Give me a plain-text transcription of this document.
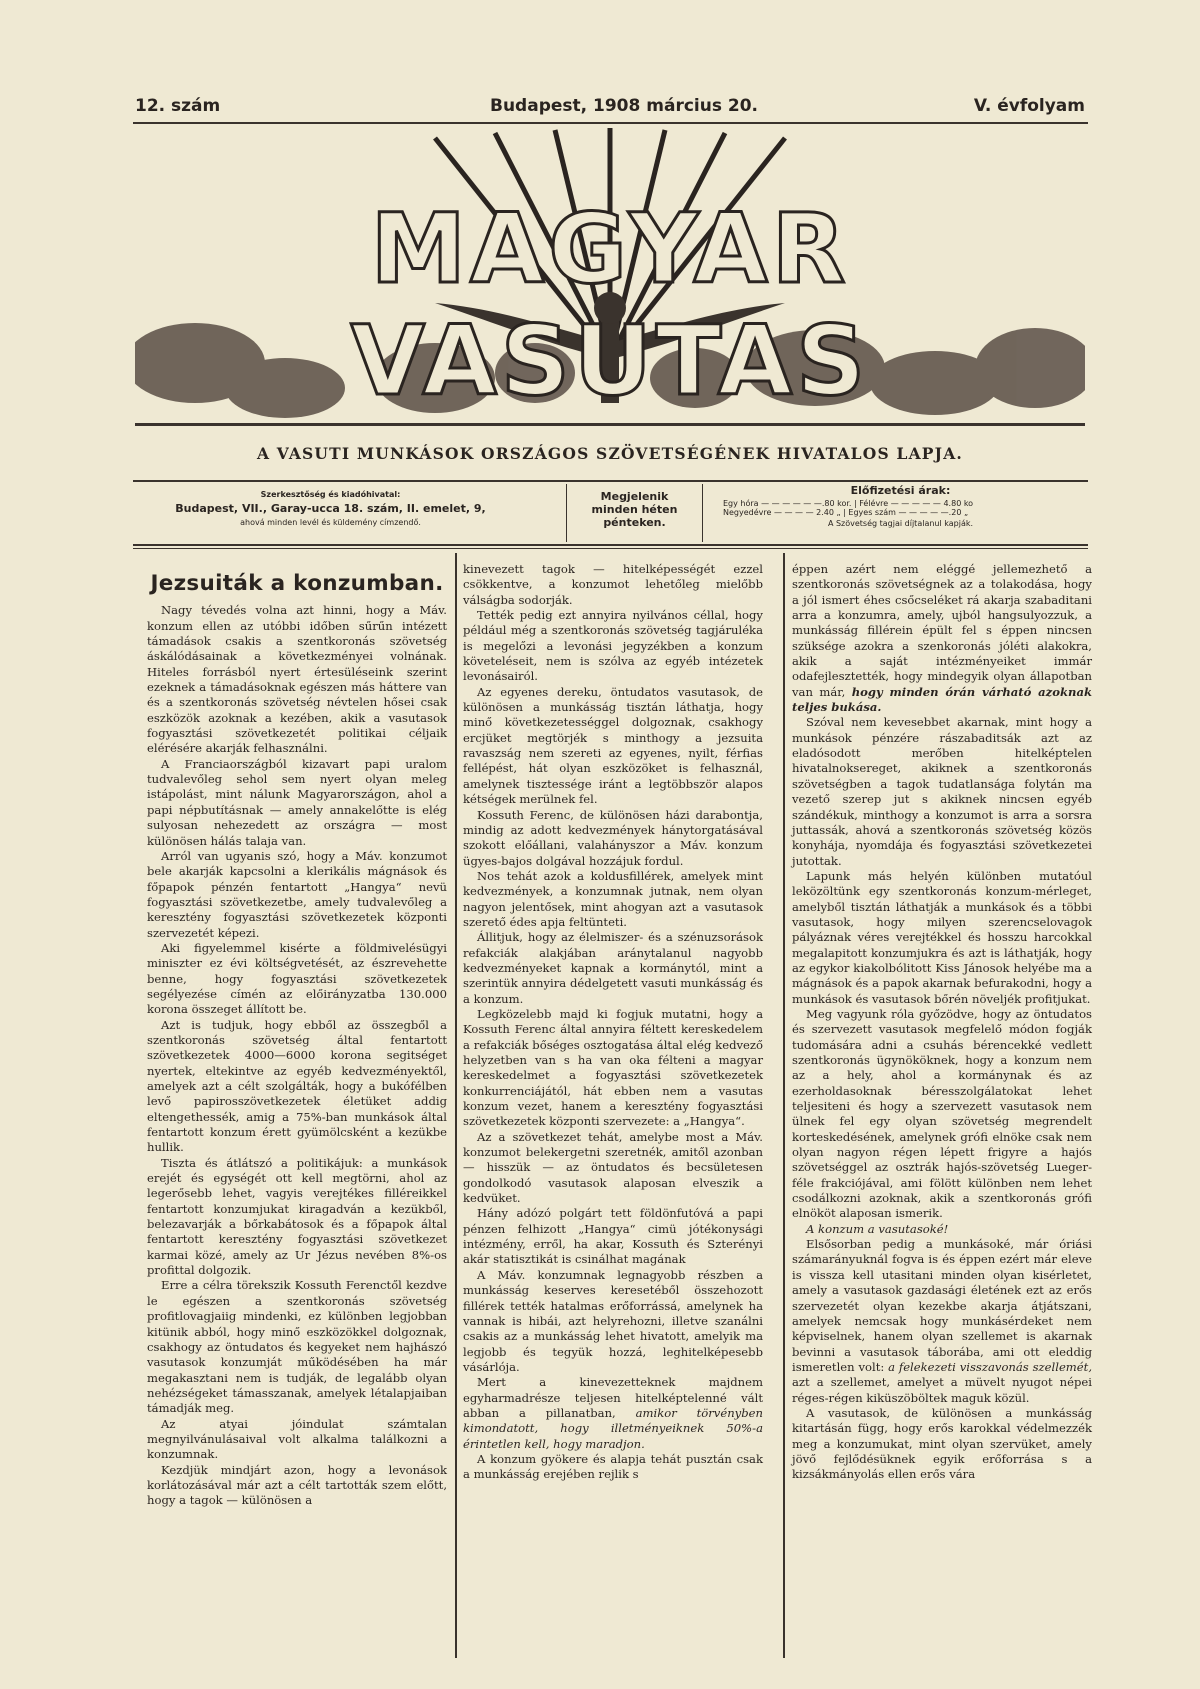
12. szám	Budapest, 1908 március 20.	V. évfolyam
MAGYAR VASUTAS
A VASUTI MUNKÁSOK ORSZÁGOS SZÖVETSÉGÉNEK HIVATALOS LAPJA.
Szerkesztőség és kiadóhivatal:
Budapest, VII., Garay-ucca 18. szám, II. emelet, 9,
ahová minden levél és küldemény címzendő.
Megjelenik
minden héten
pénteken.
Előfizetési árak:
Egy hóra — — — — — —.80 kor. | Félévre — — — — — 4.80 ko
Negyedévre — — — — 2.40 „ | Egyes szám — — — — —.20 „
A Szövetség tagjai díjtalanul kapják.

Jezsuiták a konzumban.

Nagy tévedés volna azt hinni, hogy a Máv. konzum ellen az utóbbi időben sűrűn intézett támadások csakis a szentkoronás szövetség áskálódásainak a következményei volnának. Hiteles forrásból nyert értesüléseink szerint ezeknek a támadásoknak egészen más háttere van és a szentkoronás szövetség névtelen hősei csak eszközök azoknak a kezében, akik a vasutasok fogyasztási szövetkezetét politikai céljaik elérésére akarják felhasználni.

A Franciaországból kizavart papi uralom tudvalevőleg sehol sem nyert olyan meleg istápolást, mint nálunk Magyarországon, ahol a papi népbutításnak — amely annakelőtte is elég sulyosan nehezedett az országra — most különösen hálás talaja van.

Arról van ugyanis szó, hogy a Máv. konzumot bele akarják kapcsolni a klerikális mágnások és főpapok pénzén fentartott „Hangya“ nevü fogyasztási szövetkezetbe, amely tudvalevőleg a keresztény fogyasztási szövetkezetek központi szervezetét képezi.

Aki figyelemmel kisérte a földmivelésügyi miniszter ez évi költségvetését, az észrevehette benne, hogy fogyasztási szövetkezetek segélyezése címén az előirányzatba 130.000 korona összeget állított be.

Azt is tudjuk, hogy ebből az összegből a szentkoronás szövetség által fentartott szövetkezetek 4000—6000 korona segitséget nyertek, eltekintve az egyéb kedvezményektől, amelyek azt a célt szolgálták, hogy a bukófélben levő papirosszövetkezetek életüket addig eltengethessék, amig a 75%-ban munkások által fentartott konzum érett gyümölcsként a kezükbe hullik.

Tiszta és átlátszó a politikájuk: a munkások erejét és egységét ott kell megtörni, ahol az legerősebb lehet, vagyis verejtékes filléreikkel fentartott konzumjukat kiragadván a kezükből, belezavarják a bőrkabátosok és a főpapok által fentartott keresztény fogyasztási szövetkezet karmai közé, amely az Ur Jézus nevében 8%-os profittal dolgozik.

Erre a célra törekszik Kossuth Ferenctől kezdve le egészen a szentkoronás szövetség profitlovagjaiig mindenki, ez különben legjobban kitünik abból, hogy minő eszközökkel dolgoznak, csakhogy az öntudatos és kegyeket nem hajhászó vasutasok konzumját működésében ha már megakasztani nem is tudják, de legalább olyan nehézségeket támasszanak, amelyek létalapjaiban támadják meg.

Az atyai jóindulat számtalan megnyilvánulásaival volt alkalma találkozni a konzumnak.

Kezdjük mindjárt azon, hogy a levonások korlátozásával már azt a célt tartották szem előtt, hogy a tagok — különösen a

kinevezett tagok — hitelképességét ezzel csökkentve, a konzumot lehetőleg mielőbb válságba sodorják.

Tették pedig ezt annyira nyilvános céllal, hogy például még a szentkoronás szövetség tagjáruléka is megelőzi a levonási jegyzékben a konzum követeléseit, nem is szólva az egyéb intézetek levonásairól.

Az egyenes dereku, öntudatos vasutasok, de különösen a munkásság tisztán láthatja, hogy minő következetességgel dolgoznak, csakhogy ercjüket megtörjék s minthogy a jezsuita ravaszság nem szereti az egyenes, nyilt, férfias fellépést, hát olyan eszközöket is felhasznál, amelynek tisztessége iránt a legtöbbször alapos kétségek merülnek fel.

Kossuth Ferenc, de különösen házi darabontja, mindig az adott kedvezmények hánytorgatásával szokott előállani, valahányszor a Máv. konzum ügyes-bajos dolgával hozzájuk fordul.

Nos tehát azok a koldusfillérek, amelyek mint kedvezmények, a konzumnak jutnak, nem olyan nagyon jelentősek, mint ahogyan azt a vasutasok szerető édes apja feltünteti.

Állitjuk, hogy az élelmiszer- és a szénuzsorások refakciák alakjában aránytalanul nagyobb kedvezményeket kapnak a kormánytól, mint a szerintük annyira dédelgetett vasuti munkásság és a konzum.

Legközelebb majd ki fogjuk mutatni, hogy a Kossuth Ferenc által annyira féltett kereskedelem a refakciák bőséges osztogatása által elég kedvező helyzetben van s ha van oka félteni a magyar kereskedelmet a fogyasztási szövetkezetek konkurrenciájától, hát ebben nem a vasutas konzum vezet, hanem a keresztény fogyasztási szövetkezetek központi szervezete: a „Hangya“.

Az a szövetkezet tehát, amelybe most a Máv. konzumot belekergetni szeretnék, amitől azonban — hisszük — az öntudatos és becsületesen gondolkodó vasutasok alaposan elveszik a kedvüket.

Hány adózó polgárt tett földönfutóvá a papi pénzen felhizott „Hangya“ cimü jótékonysági intézmény, erről, ha akar, Kossuth és Szterényi akár statisztikát is csinálhat magának

A Máv. konzumnak legnagyobb részben a munkásság keserves keresetéből összehozott fillérek tették hatalmas erőforrássá, amelynek ha vannak is hibái, azt helyrehozni, illetve szanálni csakis az a munkásság lehet hivatott, amelyik ma legjobb és tegyük hozzá, leghitelképesebb vásárlója.

Mert a kinevezetteknek majdnem egyharmadrésze teljesen hitelképtelenné vált abban a pillanatban, amikor törvényben kimondatott, hogy illetményeiknek 50%-a érintetlen kell, hogy maradjon.

A konzum gyökere és alapja tehát pusztán csak a munkásság erejében rejlik s

éppen azért nem eléggé jellemezhető a szentkoronás szövetségnek az a tolakodása, hogy a jól ismert éhes csőcseléket rá akarja szabaditani arra a konzumra, amely, ujból hangsulyozzuk, a munkásság fillérein épült fel s éppen nincsen szüksége azokra a szenkoronás jóléti alakokra, akik a saját intézményeiket immár odafejlesztették, hogy mindegyik olyan állapotban van már, hogy minden órán várható azoknak teljes bukása.

Szóval nem kevesebbet akarnak, mint hogy a munkások pénzére rászabaditsák azt az eladósodott merőben hitelképtelen hivatalnoksereget, akiknek a szentkoronás szövetségben a tagok tudatlansága folytán ma vezető szerep jut s akiknek nincsen egyéb szándékuk, minthogy a konzumot is arra a sorsra juttassák, ahová a szentkoronás szövetség közös konyhája, nyomdája és fogyasztási szövetkezetei jutottak.

Lapunk más helyén különben mutatóul leközöltünk egy szentkoronás konzum-mérleget, amelyből tisztán láthatják a munkások és a többi vasutasok, hogy milyen szerencselovagok pályáznak véres verejtékkel és hosszu harcokkal megalapitott konzumjukra és azt is láthatják, hogy az egykor kiakolbólitott Kiss Jánosok helyébe ma a mágnások és a papok akarnak befurakodni, hogy a munkások és vasutasok bőrén növeljék profitjukat.

Meg vagyunk róla győzödve, hogy az öntudatos és szervezett vasutasok megfelelő módon fogják tudomására adni a csuhás bérencekké vedlett szentkoronás ügynököknek, hogy a konzum nem az a hely, ahol a kormánynak és az ezerholdasoknak béresszolgálatokat lehet teljesiteni és hogy a szervezett vasutasok nem ülnek fel egy olyan szövetség megrendelt korteskedésének, amelynek grófi elnöke csak nem olyan nagyon régen lépett frigyre a hajós szövetséggel az osztrák hajós-szövetség Lueger-féle frakciójával, ami fölött különben nem lehet csodálkozni azoknak, akik a szentkoronás grófi elnököt alaposan ismerik.

A konzum a vasutasoké!

Elsősorban pedig a munkásoké, már óriási számarányuknál fogva is és éppen ezért már eleve is vissza kell utasitani minden olyan kisérletet, amely a vasutasok gazdasági életének ezt az erős szervezetét olyan kezekbe akarja átjátszani, amelyek nemcsak hogy munkásérdeket nem képviselnek, hanem olyan szellemet is akarnak bevinni a vasutasok táborába, ami ott eleddig ismeretlen volt: a felekezeti visszavonás szellemét, azt a szellemet, amelyet a müvelt nyugot népei réges-régen kiküszöböltek maguk közül.

A vasutasok, de különösen a munkásság kitartásán függ, hogy erős karokkal védelmezzék meg a konzumukat, mint olyan szervüket, amely jövő fejlődésüknek egyik erőforrása s a kizsákmányolás ellen erős vára
